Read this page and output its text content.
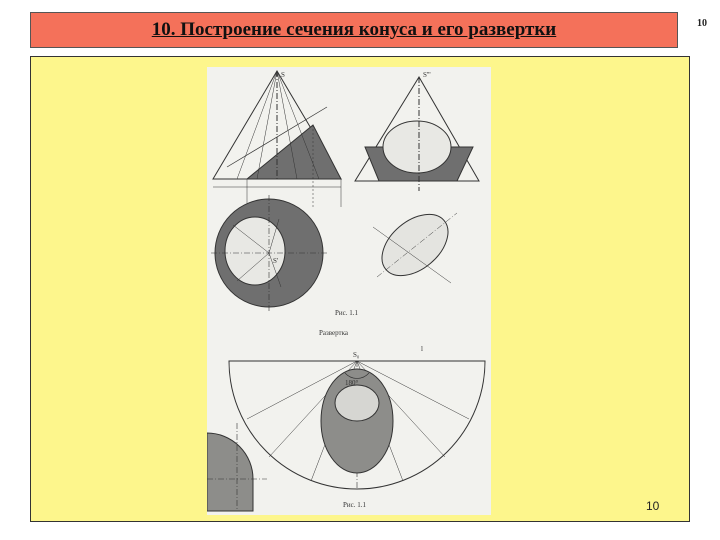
10. Построение сечения конуса и его развертки	10
S	S'''
S'
Рис. 1.1
Развертка
S₀
180°
l
Рис. 1.1	10
